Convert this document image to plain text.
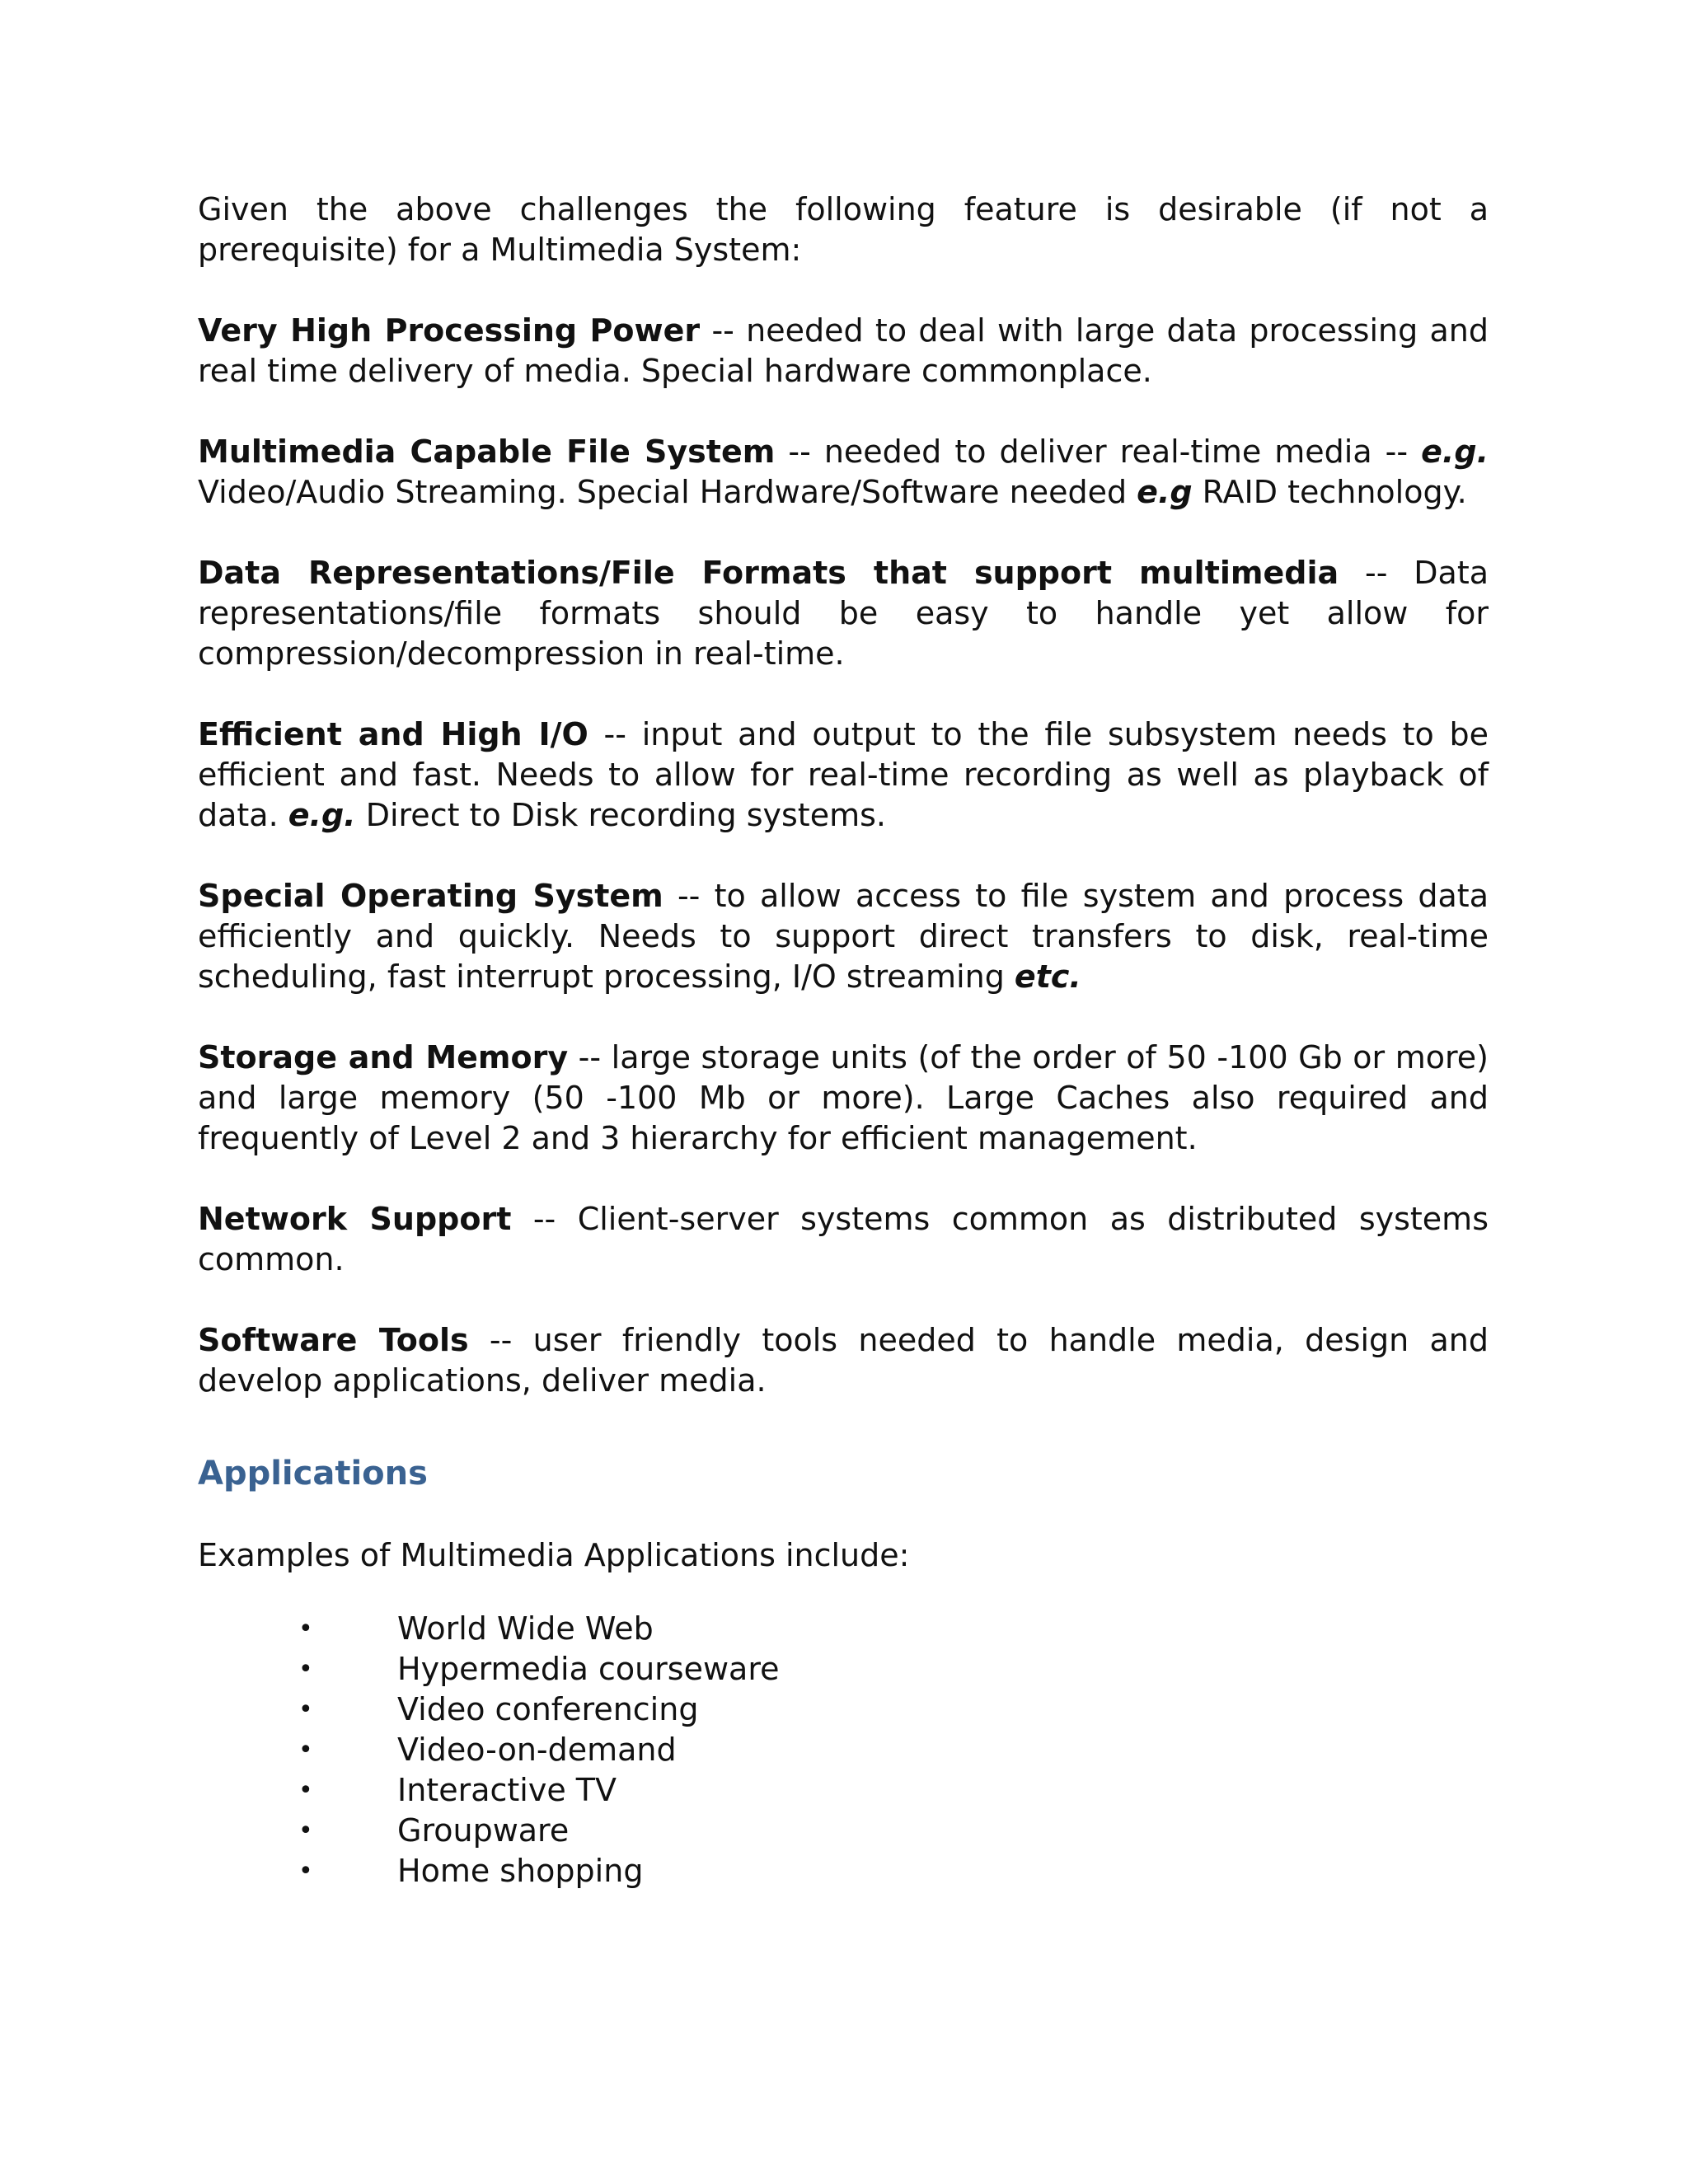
Given the above challenges the following feature is desirable (if not a prerequisite) for a Multimedia System:

Very High Processing Power -- needed to deal with large data processing and real time delivery of media. Special hardware commonplace.

Multimedia Capable File System -- needed to deliver real-time media -- e.g. Video/Audio Streaming. Special Hardware/Software needed e.g RAID technology.

Data Representations/File Formats that support multimedia -- Data representations/file formats should be easy to handle yet allow for compression/decompression in real-time.

Efficient and High I/O -- input and output to the file subsystem needs to be efficient and fast. Needs to allow for real-time recording as well as playback of data. e.g. Direct to Disk recording systems.

Special Operating System -- to allow access to file system and process data efficiently and quickly. Needs to support direct transfers to disk, real-time scheduling, fast interrupt processing, I/O streaming etc.

Storage and Memory -- large storage units (of the order of 50 -100 Gb or more) and large memory (50 -100 Mb or more). Large Caches also required and frequently of Level 2 and 3 hierarchy for efficient management.

Network Support -- Client-server systems common as distributed systems common.

Software Tools -- user friendly tools needed to handle media, design and develop applications, deliver media.

Applications

Examples of Multimedia Applications include:

•	World Wide Web
•	Hypermedia courseware
•	Video conferencing
•	Video-on-demand
•	Interactive TV
•	Groupware
•	Home shopping
